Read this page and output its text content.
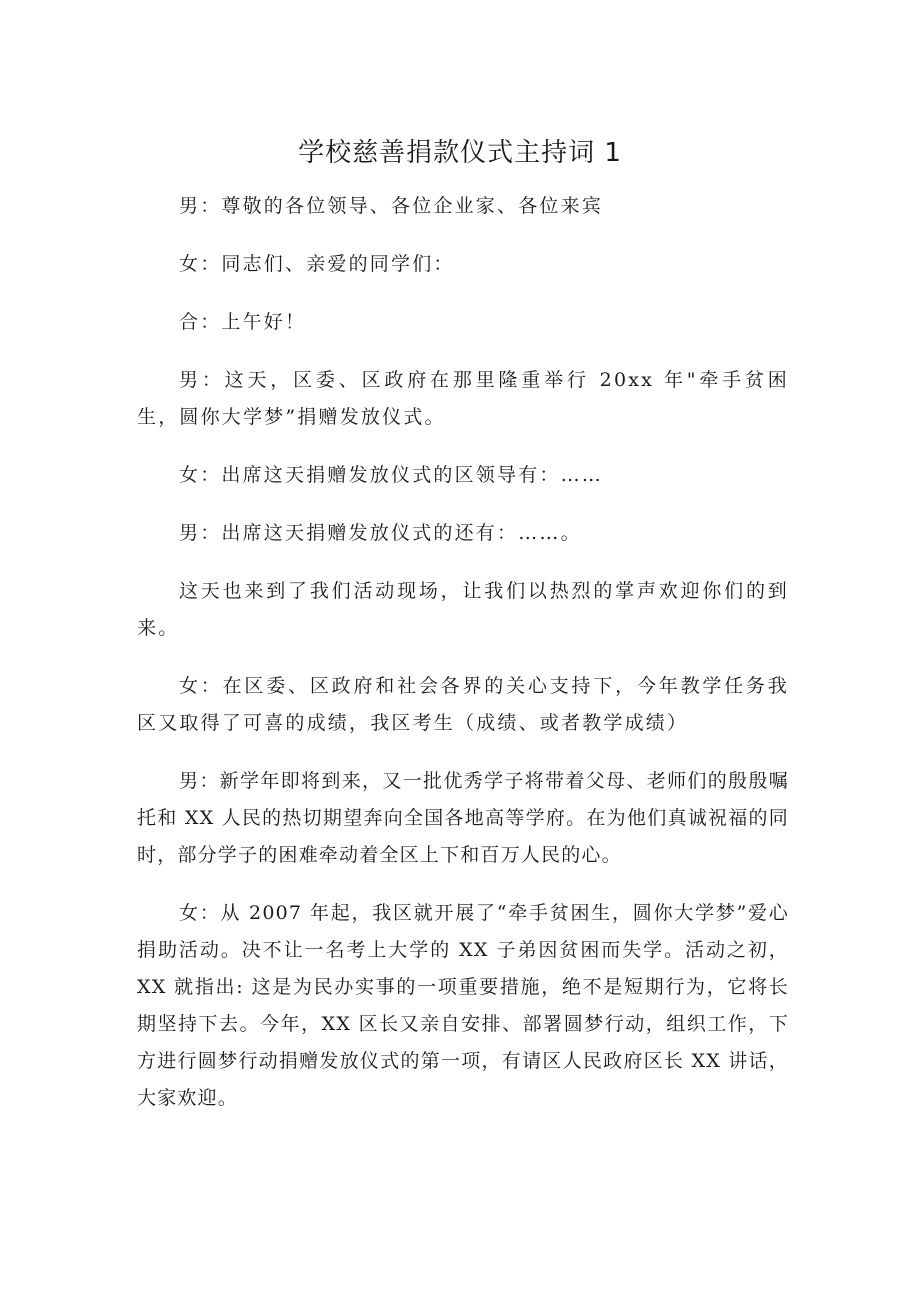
学校慈善捐款仪式主持词 1

男：尊敬的各位领导、各位企业家、各位来宾

女：同志们、亲爱的同学们：

合：上午好！

男：这天，区委、区政府在那里隆重举行 20xx 年"牵手贫困生，圆你大学梦”捐赠发放仪式。

女：出席这天捐赠发放仪式的区领导有：……

男：出席这天捐赠发放仪式的还有：……。

这天也来到了我们活动现场，让我们以热烈的掌声欢迎你们的到来。

女：在区委、区政府和社会各界的关心支持下，今年教学任务我区又取得了可喜的成绩，我区考生（成绩、或者教学成绩）

男：新学年即将到来，又一批优秀学子将带着父母、老师们的殷殷嘱托和 XX 人民的热切期望奔向全国各地高等学府。在为他们真诚祝福的同时，部分学子的困难牵动着全区上下和百万人民的心。

女：从 2007 年起，我区就开展了“牵手贫困生，圆你大学梦”爱心捐助活动。决不让一名考上大学的 XX 子弟因贫困而失学。活动之初，XX 就指出: 这是为民办实事的一项重要措施，绝不是短期行为，它将长期坚持下去。今年，XX 区长又亲自安排、部署圆梦行动，组织工作，下方进行圆梦行动捐赠发放仪式的第一项，有请区人民政府区长 XX 讲话，大家欢迎。
